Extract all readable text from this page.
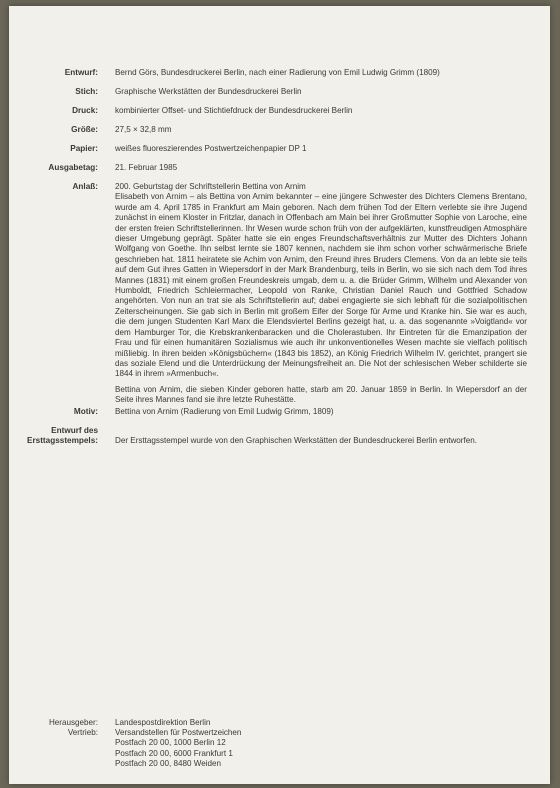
Entwurf: Bernd Görs, Bundesdruckerei Berlin, nach einer Radierung von Emil Ludwig Grimm (1809)
Stich: Graphische Werkstätten der Bundesdruckerei Berlin
Druck: kombinierter Offset- und Stichtiefdruck der Bundesdruckerei Berlin
Größe: 27,5 × 32,8 mm
Papier: weißes fluoreszierendes Postwertzeichenpapier DP 1
Ausgabetag: 21. Februar 1985
Anlaß: 200. Geburtstag der Schriftstellerin Bettina von Arnim

Elisabeth von Arnim – als Bettina von Arnim bekannter – eine jüngere Schwester des Dichters Clemens Brentano, wurde am 4. April 1785 in Frankfurt am Main geboren. Nach dem frühen Tod der Eltern verlebte sie ihre Jugend zunächst in einem Kloster in Fritzlar, danach in Offenbach am Main bei ihrer Großmutter Sophie von Laroche, eine der ersten freien Schriftstellerinnen. Ihr Wesen wurde schon früh von der aufgeklärten, kunstfreudigen Atmosphäre dieser Umgebung geprägt. Später hatte sie ein enges Freundschaftsverhältnis zur Mutter des Dichters Johann Wolfgang von Goethe. Ihn selbst lernte sie 1807 kennen, nachdem sie ihm schon vorher schwärmerische Briefe geschrieben hat. 1811 heiratete sie Achim von Arnim, den Freund ihres Bruders Clemens. Von da an lebte sie teils auf dem Gut ihres Gatten in Wiepersdorf in der Mark Brandenburg, teils in Berlin, wo sie sich nach dem Tod ihres Mannes (1831) mit einem großen Freundeskreis umgab, dem u. a. die Brüder Grimm, Wilhelm und Alexander von Humboldt, Friedrich Schleiermacher, Leopold von Ranke, Christian Daniel Rauch und Gottfried Schadow angehörten. Von nun an trat sie als Schriftstellerin auf; dabei engagierte sie sich lebhaft für die sozialpolitischen Zeiterscheinungen. Sie gab sich in Berlin mit großem Eifer der Sorge für Arme und Kranke hin. Sie war es auch, die dem jungen Studenten Karl Marx die Elendsviertel Berlins gezeigt hat, u. a. das sogenannte »Voigtland« vor dem Hamburger Tor, die Krebskrankenbaracken und die Cholerastuben. Ihr Eintreten für die Emanzipation der Frau und für einen humanitären Sozialismus wie auch ihr unkonventionelles Wesen machte sie vielfach politisch mißliebig. In ihren beiden »Königsbüchern« (1843 bis 1852), an König Friedrich Wilhelm IV. gerichtet, prangert sie das soziale Elend und die Unterdrückung der Meinungsfreiheit an. Die Not der schlesischen Weber schilderte sie 1844 in ihrem »Armenbuch«.

Bettina von Arnim, die sieben Kinder geboren hatte, starb am 20. Januar 1859 in Berlin. In Wiepersdorf an der Seite ihres Mannes fand sie ihre letzte Ruhestätte.

Motiv: Bettina von Arnim (Radierung von Emil Ludwig Grimm, 1809)
Entwurf des
Ersttagsstempels: Der Ersttagsstempel wurde von den Graphischen Werkstätten der Bundesdruckerei Berlin entworfen.
Herausgeber: Landespostdirektion Berlin
Vertrieb: Versandstellen für Postwertzeichen
Postfach 20 00, 1000 Berlin 12
Postfach 20 00, 6000 Frankfurt 1
Postfach 20 00, 8480 Weiden
